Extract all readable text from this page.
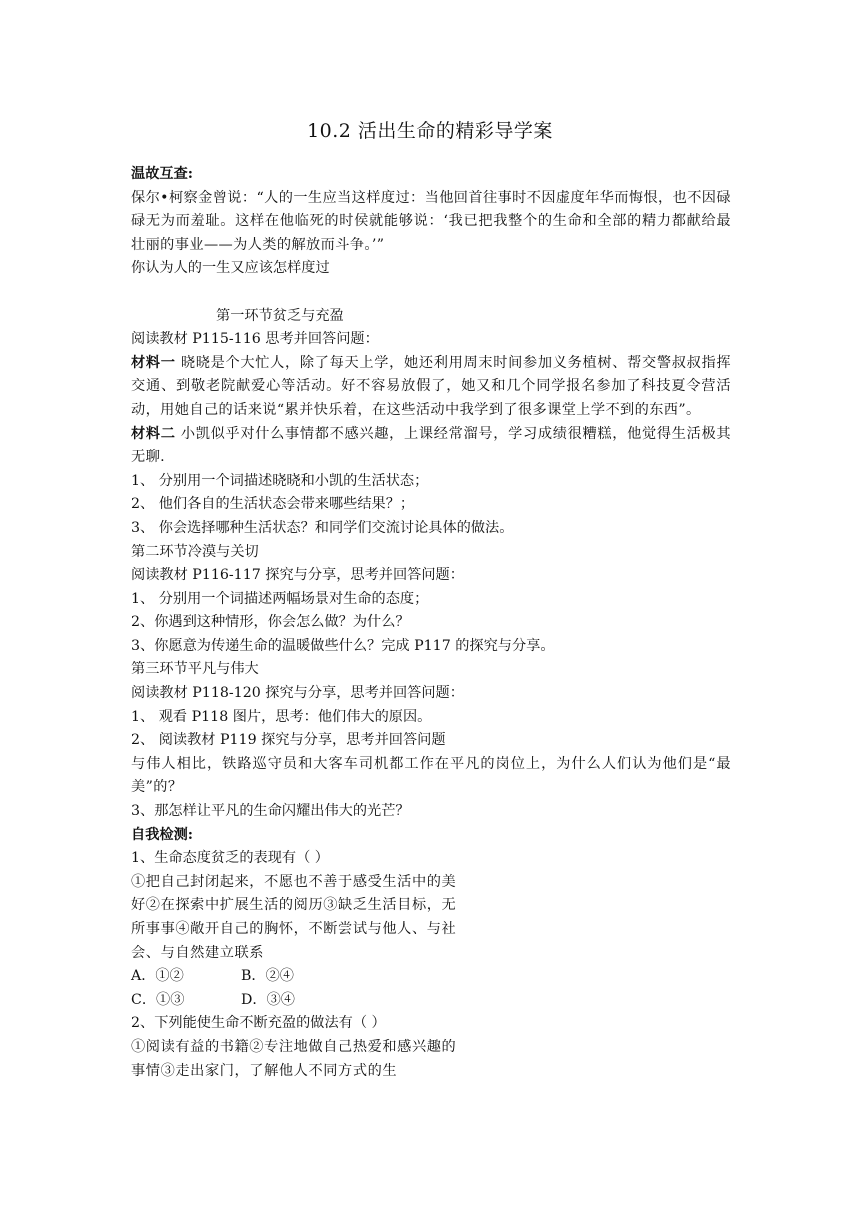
10.2 活出生命的精彩导学案
温故互查:
保尔•柯察金曾说：“人的一生应当这样度过：当他回首往事时不因虚度年华而悔恨，也不因碌碌无为而羞耻。这样在他临死的时侯就能够说：‘我已把我整个的生命和全部的精力都献给最壮丽的事业——为人类的解放而斗争。’”
你认为人的一生又应该怎样度过
第一环节贫乏与充盈
阅读教材 P115-116 思考并回答问题：
材料一 晓晓是个大忙人，除了每天上学，她还利用周末时间参加义务植树、帮交警叔叔指挥交通、到敬老院献爱心等活动。好不容易放假了，她又和几个同学报名参加了科技夏令营活动，用她自己的话来说“累并快乐着，在这些活动中我学到了很多课堂上学不到的东西”。
材料二 小凯似乎对什么事情都不感兴趣，上课经常溜号，学习成绩很糟糕，他觉得生活极其无聊.
1、 分别用一个词描述晓晓和小凯的生活状态；
2、 他们各自的生活状态会带来哪些结果？；
3、 你会选择哪种生活状态？和同学们交流讨论具体的做法。
第二环节冷漠与关切
阅读教材 P116-117 探究与分享，思考并回答问题：
1、 分别用一个词描述两幅场景对生命的态度；
2、你遇到这种情形，你会怎么做？为什么？
3、你愿意为传递生命的温暖做些什么？完成 P117 的探究与分享。
第三环节平凡与伟大
阅读教材 P118-120 探究与分享，思考并回答问题：
1、 观看 P118 图片，思考：他们伟大的原因。
2、 阅读教材 P119 探究与分享，思考并回答问题
与伟人相比，铁路巡守员和大客车司机都工作在平凡的岗位上，为什么人们认为他们是“最美”的？
3、那怎样让平凡的生命闪耀出伟大的光芒？
自我检测:
1、生命态度贫乏的表现有（ ）
①把自己封闭起来，不愿也不善于感受生活中的美好②在探索中扩展生活的阅历③缺乏生活目标，无所事事④敞开自己的胸怀，不断尝试与他人、与社会、与自然建立联系
A．①②	B．②④
C．①③	D．③④
2、下列能使生命不断充盈的做法有（ ）
①阅读有益的书籍②专注地做自己热爱和感兴趣的事情③走出家门，了解他人不同方式的生
